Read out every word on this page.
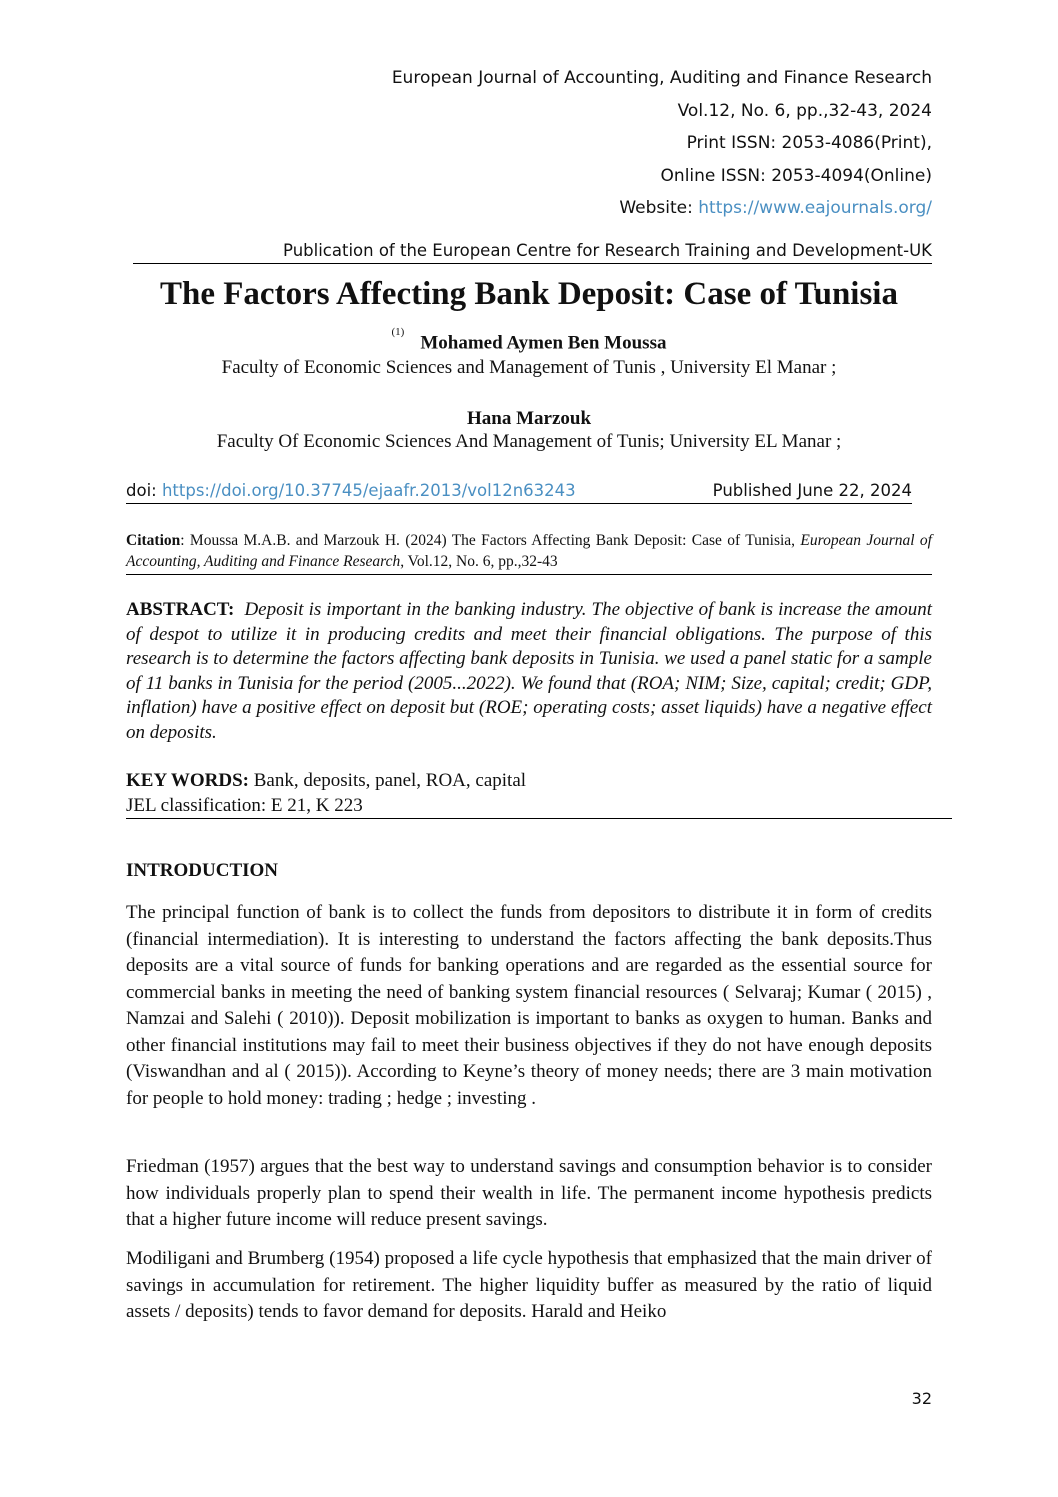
European Journal of Accounting, Auditing and Finance Research
Vol.12, No. 6, pp.,32-43, 2024
Print ISSN: 2053-4086(Print),
Online ISSN: 2053-4094(Online)
Website: https://www.eajournals.org/
Publication of the European Centre for Research Training and Development-UK
The Factors Affecting Bank Deposit: Case of Tunisia
$^{(1)}$Mohamed Aymen Ben Moussa
Faculty of Economic Sciences and Management of Tunis , University El Manar ;
Hana Marzouk
Faculty Of Economic Sciences And Management of Tunis; University EL Manar ;
doi: https://doi.org/10.37745/ejaafr.2013/vol12n63243	Published June 22, 2024
Citation: Moussa M.A.B. and Marzouk H. (2024) The Factors Affecting Bank Deposit: Case of Tunisia, European Journal of Accounting, Auditing and Finance Research, Vol.12, No. 6, pp.,32-43
ABSTRACT: Deposit is important in the banking industry. The objective of bank is increase the amount of despot to utilize it in producing credits and meet their financial obligations. The purpose of this research is to determine the factors affecting bank deposits in Tunisia. we used a panel static for a sample of 11 banks in Tunisia for the period (2005...2022). We found that (ROA; NIM; Size, capital; credit; GDP, inflation) have a positive effect on deposit but (ROE; operating costs; asset liquids) have a negative effect on deposits.
KEY WORDS: Bank, deposits, panel, ROA, capital
JEL classification: E 21, K 223
INTRODUCTION
The principal function of bank is to collect the funds from depositors to distribute it in form of credits (financial intermediation). It is interesting to understand the factors affecting the bank deposits.Thus deposits are a vital source of funds for banking operations and are regarded as the essential source for commercial banks in meeting the need of banking system financial resources ( Selvaraj; Kumar ( 2015) , Namzai and Salehi ( 2010)). Deposit mobilization is important to banks as oxygen to human. Banks and other financial institutions may fail to meet their business objectives if they do not have enough deposits (Viswandhan and al ( 2015)). According to Keyne’s theory of money needs; there are 3 main motivation for people to hold money: trading ; hedge ; investing .
Friedman (1957) argues that the best way to understand savings and consumption behavior is to consider how individuals properly plan to spend their wealth in life. The permanent income hypothesis predicts that a higher future income will reduce present savings.
Modiligani and Brumberg (1954) proposed a life cycle hypothesis that emphasized that the main driver of savings in accumulation for retirement. The higher liquidity buffer as measured by the ratio of liquid assets / deposits) tends to favor demand for deposits. Harald and Heiko
32
